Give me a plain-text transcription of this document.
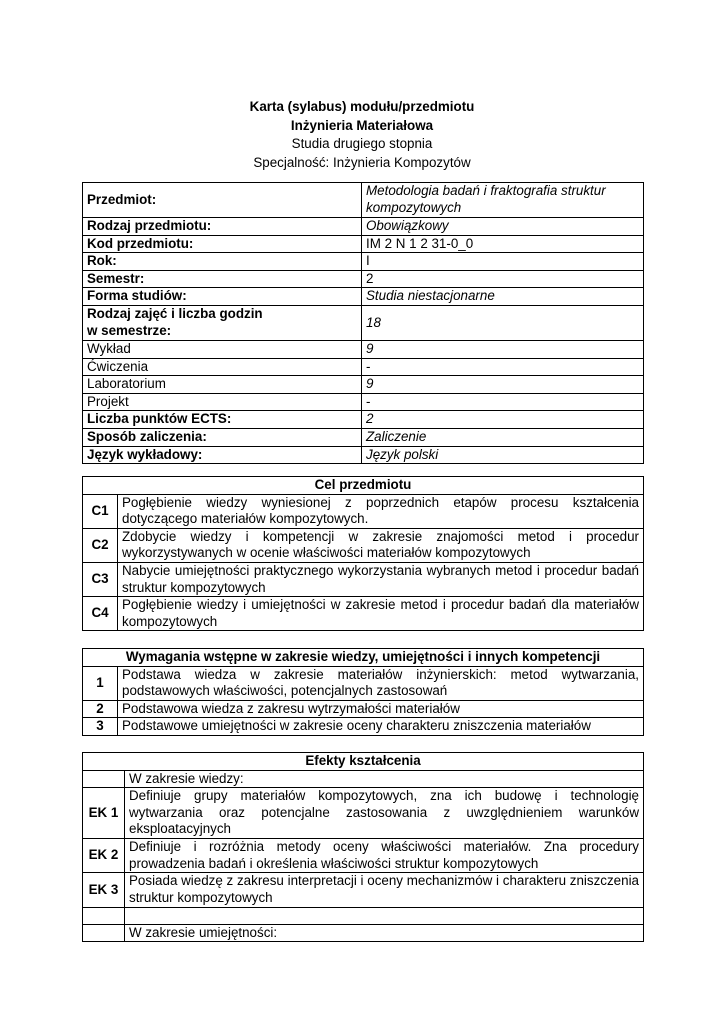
Karta (sylabus) modułu/przedmiotu
Inżynieria Materiałowa
Studia drugiego stopnia
Specjalność: Inżynieria Kompozytów
Przedmiot:	Metodologia badań i fraktografia struktur kompozytowych
Rodzaj przedmiotu:	Obowiązkowy
Kod przedmiotu:	IM 2 N 1 2 31-0_0
Rok:	I
Semestr:	2
Forma studiów:	Studia niestacjonarne

Rodzaj zajęć i liczba godzin
w semestrze:	18
Wykład	9
Ćwiczenia	-
Laboratorium	9
Projekt	-
Liczba punktów ECTS:	2
Sposób zaliczenia:	Zaliczenie
Język wykładowy:	Język polski
Cel przedmiotu	
C1	Pogłębienie wiedzy wyniesionej z poprzednich etapów procesu kształcenia dotyczącego materiałów kompozytowych.
C2	Zdobycie wiedzy i kompetencji w zakresie znajomości metod i procedur wykorzystywanych w ocenie właściwości materiałów kompozytowych
C3	Nabycie umiejętności praktycznego wykorzystania wybranych metod i procedur badań struktur kompozytowych
C4	Pogłębienie wiedzy i umiejętności w zakresie metod i procedur badań dla materiałów kompozytowych
Wymagania wstępne w zakresie wiedzy, umiejętności i innych kompetencji	
1	Podstawa wiedza w zakresie materiałów inżynierskich: metod wytwarzania, podstawowych właściwości, potencjalnych zastosowań
2	Podstawowa wiedza z zakresu wytrzymałości materiałów
3	Podstawowe umiejętności w zakresie oceny charakteru zniszczenia materiałów
Efekty kształcenia	
	W zakresie wiedzy:
EK 1	Definiuje grupy materiałów kompozytowych, zna ich budowę i technologię wytwarzania oraz potencjalne zastosowania z uwzględnieniem warunków eksploatacyjnych
EK 2	Definiuje i rozróżnia metody oceny właściwości materiałów. Zna procedury prowadzenia badań i określenia właściwości struktur kompozytowych
EK 3	Posiada wiedzę z zakresu interpretacji i oceny mechanizmów i charakteru zniszczenia struktur kompozytowych

	W zakresie umiejętności:
